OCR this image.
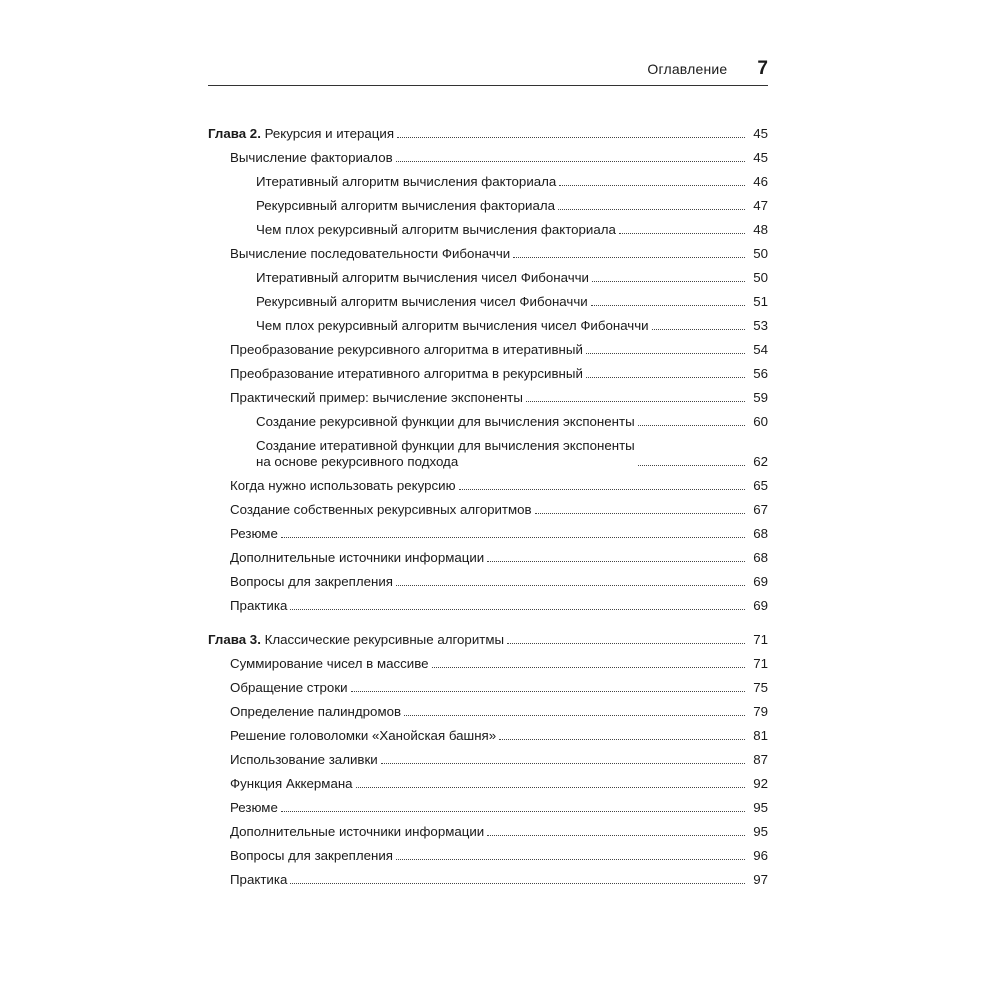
Оглавление 7
Глава 2. Рекурсия и итерация	45
Вычисление факториалов	45
Итеративный алгоритм вычисления факториала	46
Рекурсивный алгоритм вычисления факториала	47
Чем плох рекурсивный алгоритм вычисления факториала	48
Вычисление последовательности Фибоначчи	50
Итеративный алгоритм вычисления чисел Фибоначчи	50
Рекурсивный алгоритм вычисления чисел Фибоначчи	51
Чем плох рекурсивный алгоритм вычисления чисел Фибоначчи	53
Преобразование рекурсивного алгоритма в итеративный	54
Преобразование итеративного алгоритма в рекурсивный	56
Практический пример: вычисление экспоненты	59
Создание рекурсивной функции для вычисления экспоненты	60
Создание итеративной функции для вычисления экспоненты
на основе рекурсивного подхода	62
Когда нужно использовать рекурсию	65
Создание собственных рекурсивных алгоритмов	67
Резюме	68
Дополнительные источники информации	68
Вопросы для закрепления	69
Практика	69
Глава 3. Классические рекурсивные алгоритмы	71
Суммирование чисел в массиве	71
Обращение строки	75
Определение палиндромов	79
Решение головоломки «Ханойская башня»	81
Использование заливки	87
Функция Аккермана	92
Резюме	95
Дополнительные источники информации	95
Вопросы для закрепления	96
Практика	97
